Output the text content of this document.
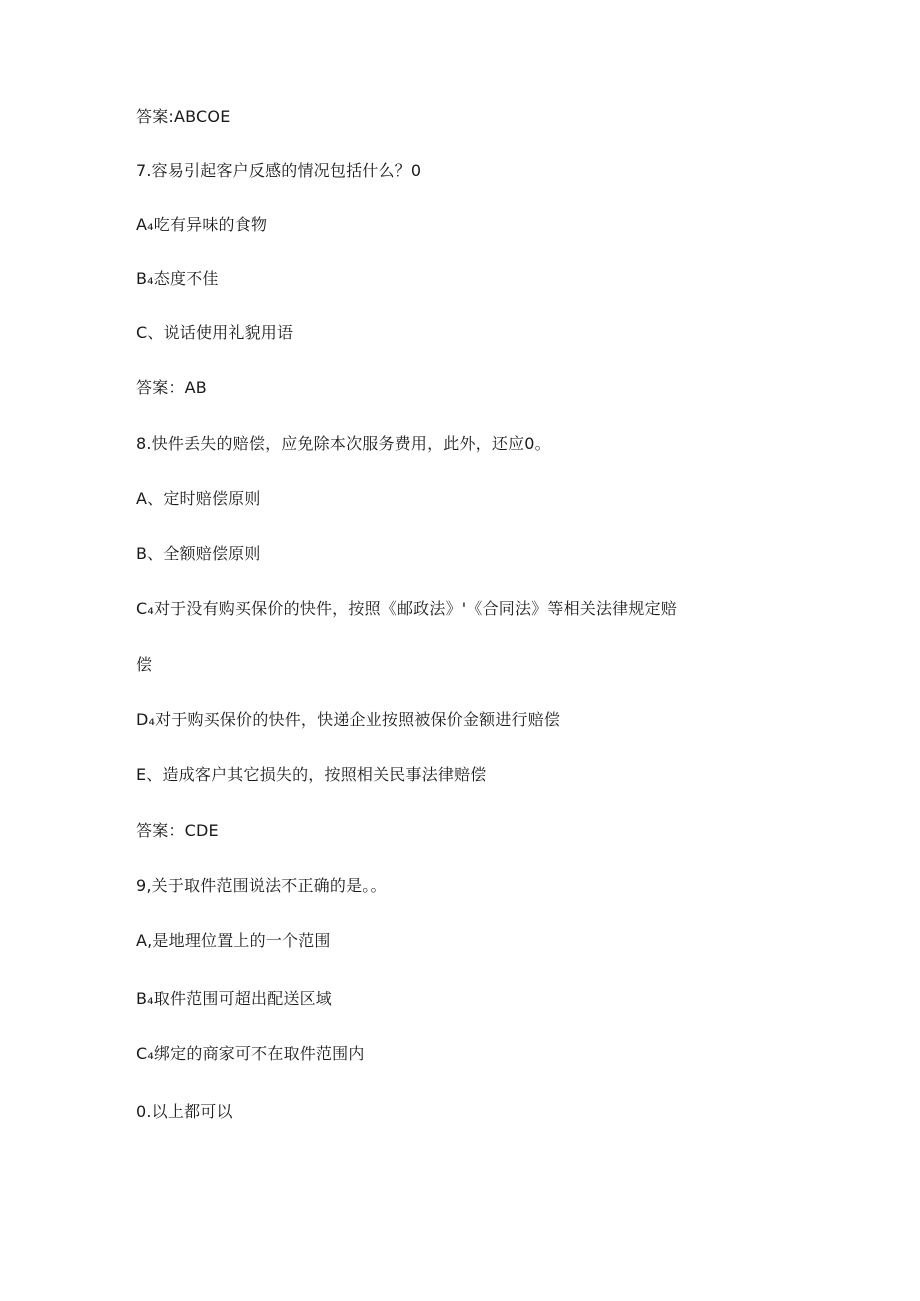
答案:ABCOE
7.容易引起客户反感的情况包括什么？0
A₄吃有异味的食物
B₄态度不佳
C、说话使用礼貌用语
答案：AB
8.快件丢失的赔偿，应免除本次服务费用，此外，还应0。
A、定时赔偿原则
B、全额赔偿原则
C₄对于没有购买保价的快件，按照《邮政法》'《合同法》等相关法律规定赔
偿
D₄对于购买保价的快件，快递企业按照被保价金额进行赔偿
E、造成客户其它损失的，按照相关民事法律赔偿
答案：CDE
9,关于取件范围说法不正确的是。。
A,是地理位置上的一个范围
B₄取件范围可超出配送区域
C₄绑定的商家可不在取件范围内
0.以上都可以
